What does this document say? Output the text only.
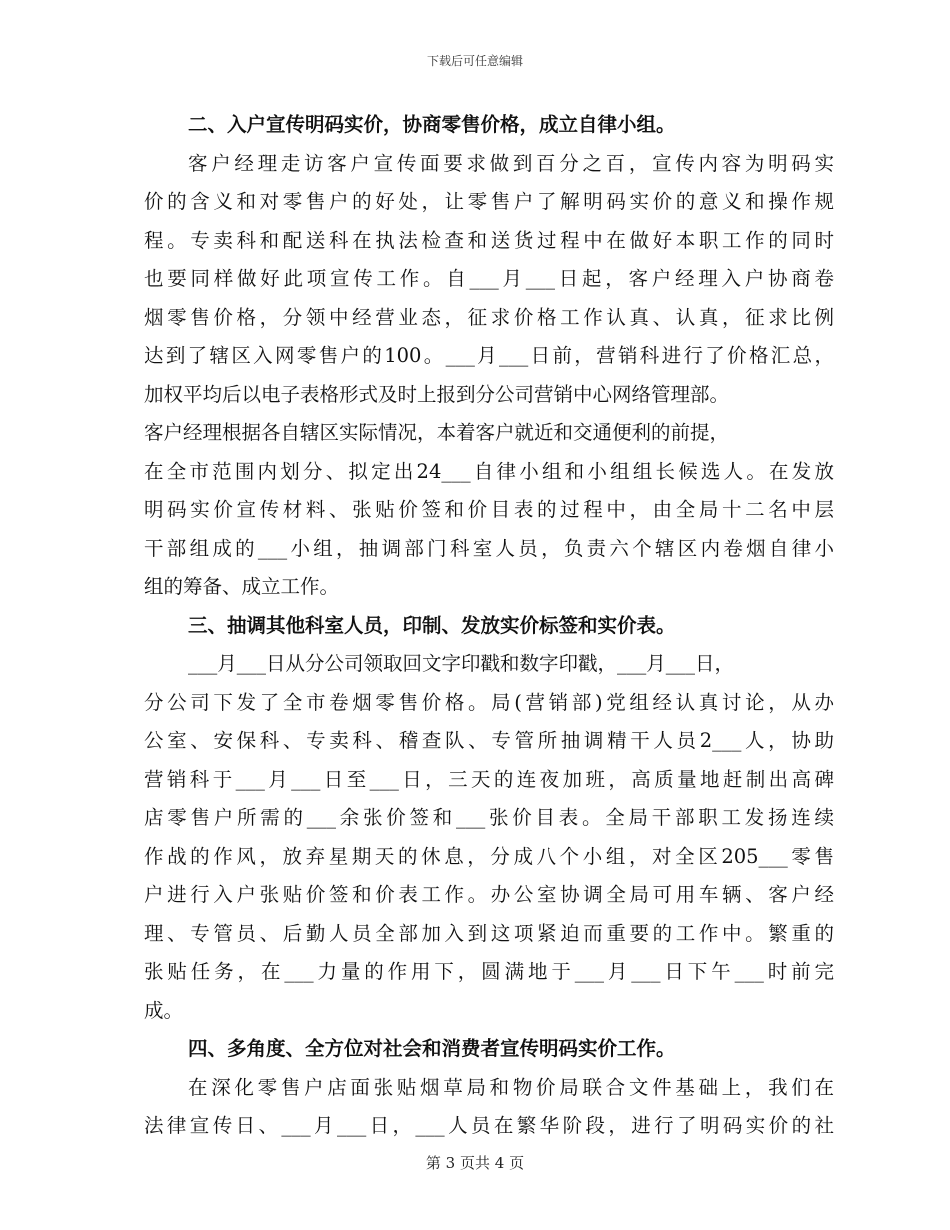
下载后可任意编辑
二、入户宣传明码实价，协商零售价格，成立自律小组。
客户经理走访客户宣传面要求做到百分之百，宣传内容为明码实
价的含义和对零售户的好处，让零售户了解明码实价的意义和操作规
程。专卖科和配送科在执法检查和送货过程中在做好本职工作的同时
也要同样做好此项宣传工作。自___月___日起，客户经理入户协商卷
烟零售价格，分领中经营业态，征求价格工作认真、认真，征求比例
达到了辖区入网零售户的100。___月___日前，营销科进行了价格汇总，
加权平均后以电子表格形式及时上报到分公司营销中心网络管理部。
客户经理根据各自辖区实际情况，本着客户就近和交通便利的前提，
在全市范围内划分、拟定出24___自律小组和小组组长候选人。在发放
明码实价宣传材料、张贴价签和价目表的过程中，由全局十二名中层
干部组成的___小组，抽调部门科室人员，负责六个辖区内卷烟自律小
组的筹备、成立工作。
三、抽调其他科室人员，印制、发放实价标签和实价表。
___月___日从分公司领取回文字印戳和数字印戳，___月___日，
分公司下发了全市卷烟零售价格。局(营销部)党组经认真讨论，从办
公室、安保科、专卖科、稽查队、专管所抽调精干人员2___人，协助
营销科于___月___日至___日，三天的连夜加班，高质量地赶制出高碑
店零售户所需的___余张价签和___张价目表。全局干部职工发扬连续
作战的作风，放弃星期天的休息，分成八个小组，对全区205___零售
户进行入户张贴价签和价表工作。办公室协调全局可用车辆、客户经
理、专管员、后勤人员全部加入到这项紧迫而重要的工作中。繁重的
张贴任务，在___力量的作用下，圆满地于___月___日下午___时前完
成。
四、多角度、全方位对社会和消费者宣传明码实价工作。
在深化零售户店面张贴烟草局和物价局联合文件基础上，我们在
法律宣传日、___月___日，___人员在繁华阶段，进行了明码实价的社
第 3 页共 4 页
